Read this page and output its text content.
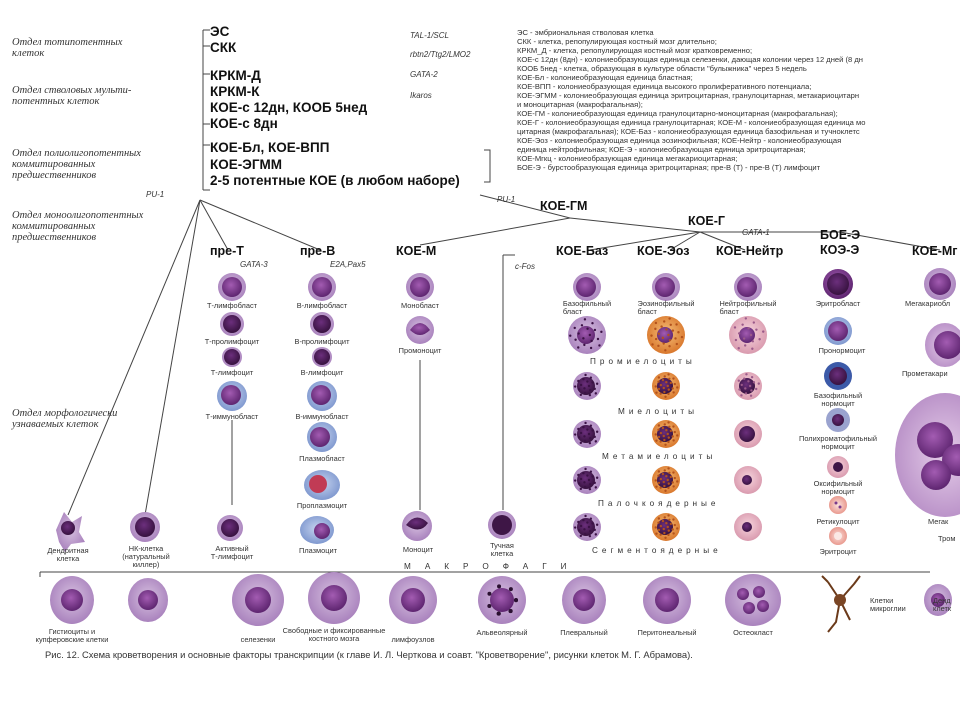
Отдел тотипотентных
клеток
Отдел стволовых мульти-
потентных клеток
Отдел полиолигопотентных
коммитированных
предшественников
Отдел моноолигопотентных
коммитированных
предшественников
Отдел морфологически
узнаваемых клеток
ЭС
СКК
КРКМ-Д
КРКМ-К
КОЕ-с 12дн, КООБ 5нед
КОЕ-с 8дн
КОЕ-Бл, КОЕ-ВПП
КОЕ-ЭГММ
2-5 потентные КОЕ (в любом наборе)
TAL-1/SCL
rbtn2/Ttg2/LMO2
GATA-2
Ikaros
PU-1
PU-1
GATA-3	E2A,Pax5	c-Fos
GATA-1
ЭС - эмбриональная стволовая клетка
СКК - клетка, репопулирующая костный мозг длительно;
КРКМ_Д - клетка, репопулирующая костный мозг кратковременно;
КОЕ-с 12дн (8дн) - колониеобразующая единица селезенки, дающая колонии через 12 дней (8 дн
КООБ 5нед - клетка, образующая в культуре области "булыжника" через 5 недель
КОЕ-Бл - колониеобразующая единица бластная;
КОЕ-ВПП - колониеобразующая единица высокого пролиферативного потенциала;
КОЕ-ЭГММ - колониеобразующая единица эритроцитарная, гранулоцитарная, метакариоцитарн
и моноцитарная (макрофагальная);
КОЕ-ГМ - колониеобразующая единица гранулоцитарно-моноцитарная (макрофагальная);
КОЕ-Г - колониеобразующая единица гранулоцитарная; КОЕ-М - колониеобразующая единица мо
цитарная (макрофагальная); КОЕ-Баз - колониеобразующая единица базофильная и тучноклетс
КОЕ-Эоз - колониеобразующая единица эозинофильная; КОЕ-Нейтр - колониеобразующая
единица нейтрофильная; КОЕ-Э - колониеобразующая единица эритроцитарная;
КОЕ-Мгкц - колониеобразующая единица мегакариоцитарная;
БОЕ-Э - бурстообразующая единица эритроцитарная; пре-В (Т) - пре-В (Т) лимфоцит
КОЕ-ГМ
КОЕ-Г
БОЕ-Э
КОЭ-Э
пре-Т	пре-В	КОЕ-М	КОЕ-Баз КОЕ-Эоз КОЕ-Нейтр	КОЕ-Мг
Т-лимфобласт
Т-пролимфоцит
Т-лимфоцит
Т-иммунобласт
В-лимфобласт
В-пролимфоцит
В-лимфоцит
В-иммунобласт
Плазмобласт
Проплазмоцит
Плазмоцит
Монобласт
Промоноцит
Моноцит
Базофильный
бласт
Эозинофильный
бласт
Нейтрофильный
бласт
Эритробласт
Пронормоцит
Базофильный
нормоцит
Полихроматофильный
нормоцит
Оксифильный
нормоцит
Ретикулоцит
Эритроцит
Мегакариобл
Прометакари
Мегак
Тром
Дендритная
клетка
НК-клетка
(натуральный
киллер)
Активный
Т-лимфоцит
Тучная
клетка
Промиелоциты
Миелоциты
Метамиелоциты
Палочкоядерные
Сегментоядерные
МАКРОФАГИ
Гистиоциты и
купферовские клетки	селезенки
Свободные и фиксированные
костного мозга	лимфоузлов
Альвеолярный	Плевральный	Перитонеальный	Остеокласт
Клетки
микроглии
Денд
клетк
Рис. 12. Схема кроветворения и основные факторы транскрипции (к главе И. Л. Черткова и соавт. "Кроветворение", рисунки клеток М. Г. Абрамова).
